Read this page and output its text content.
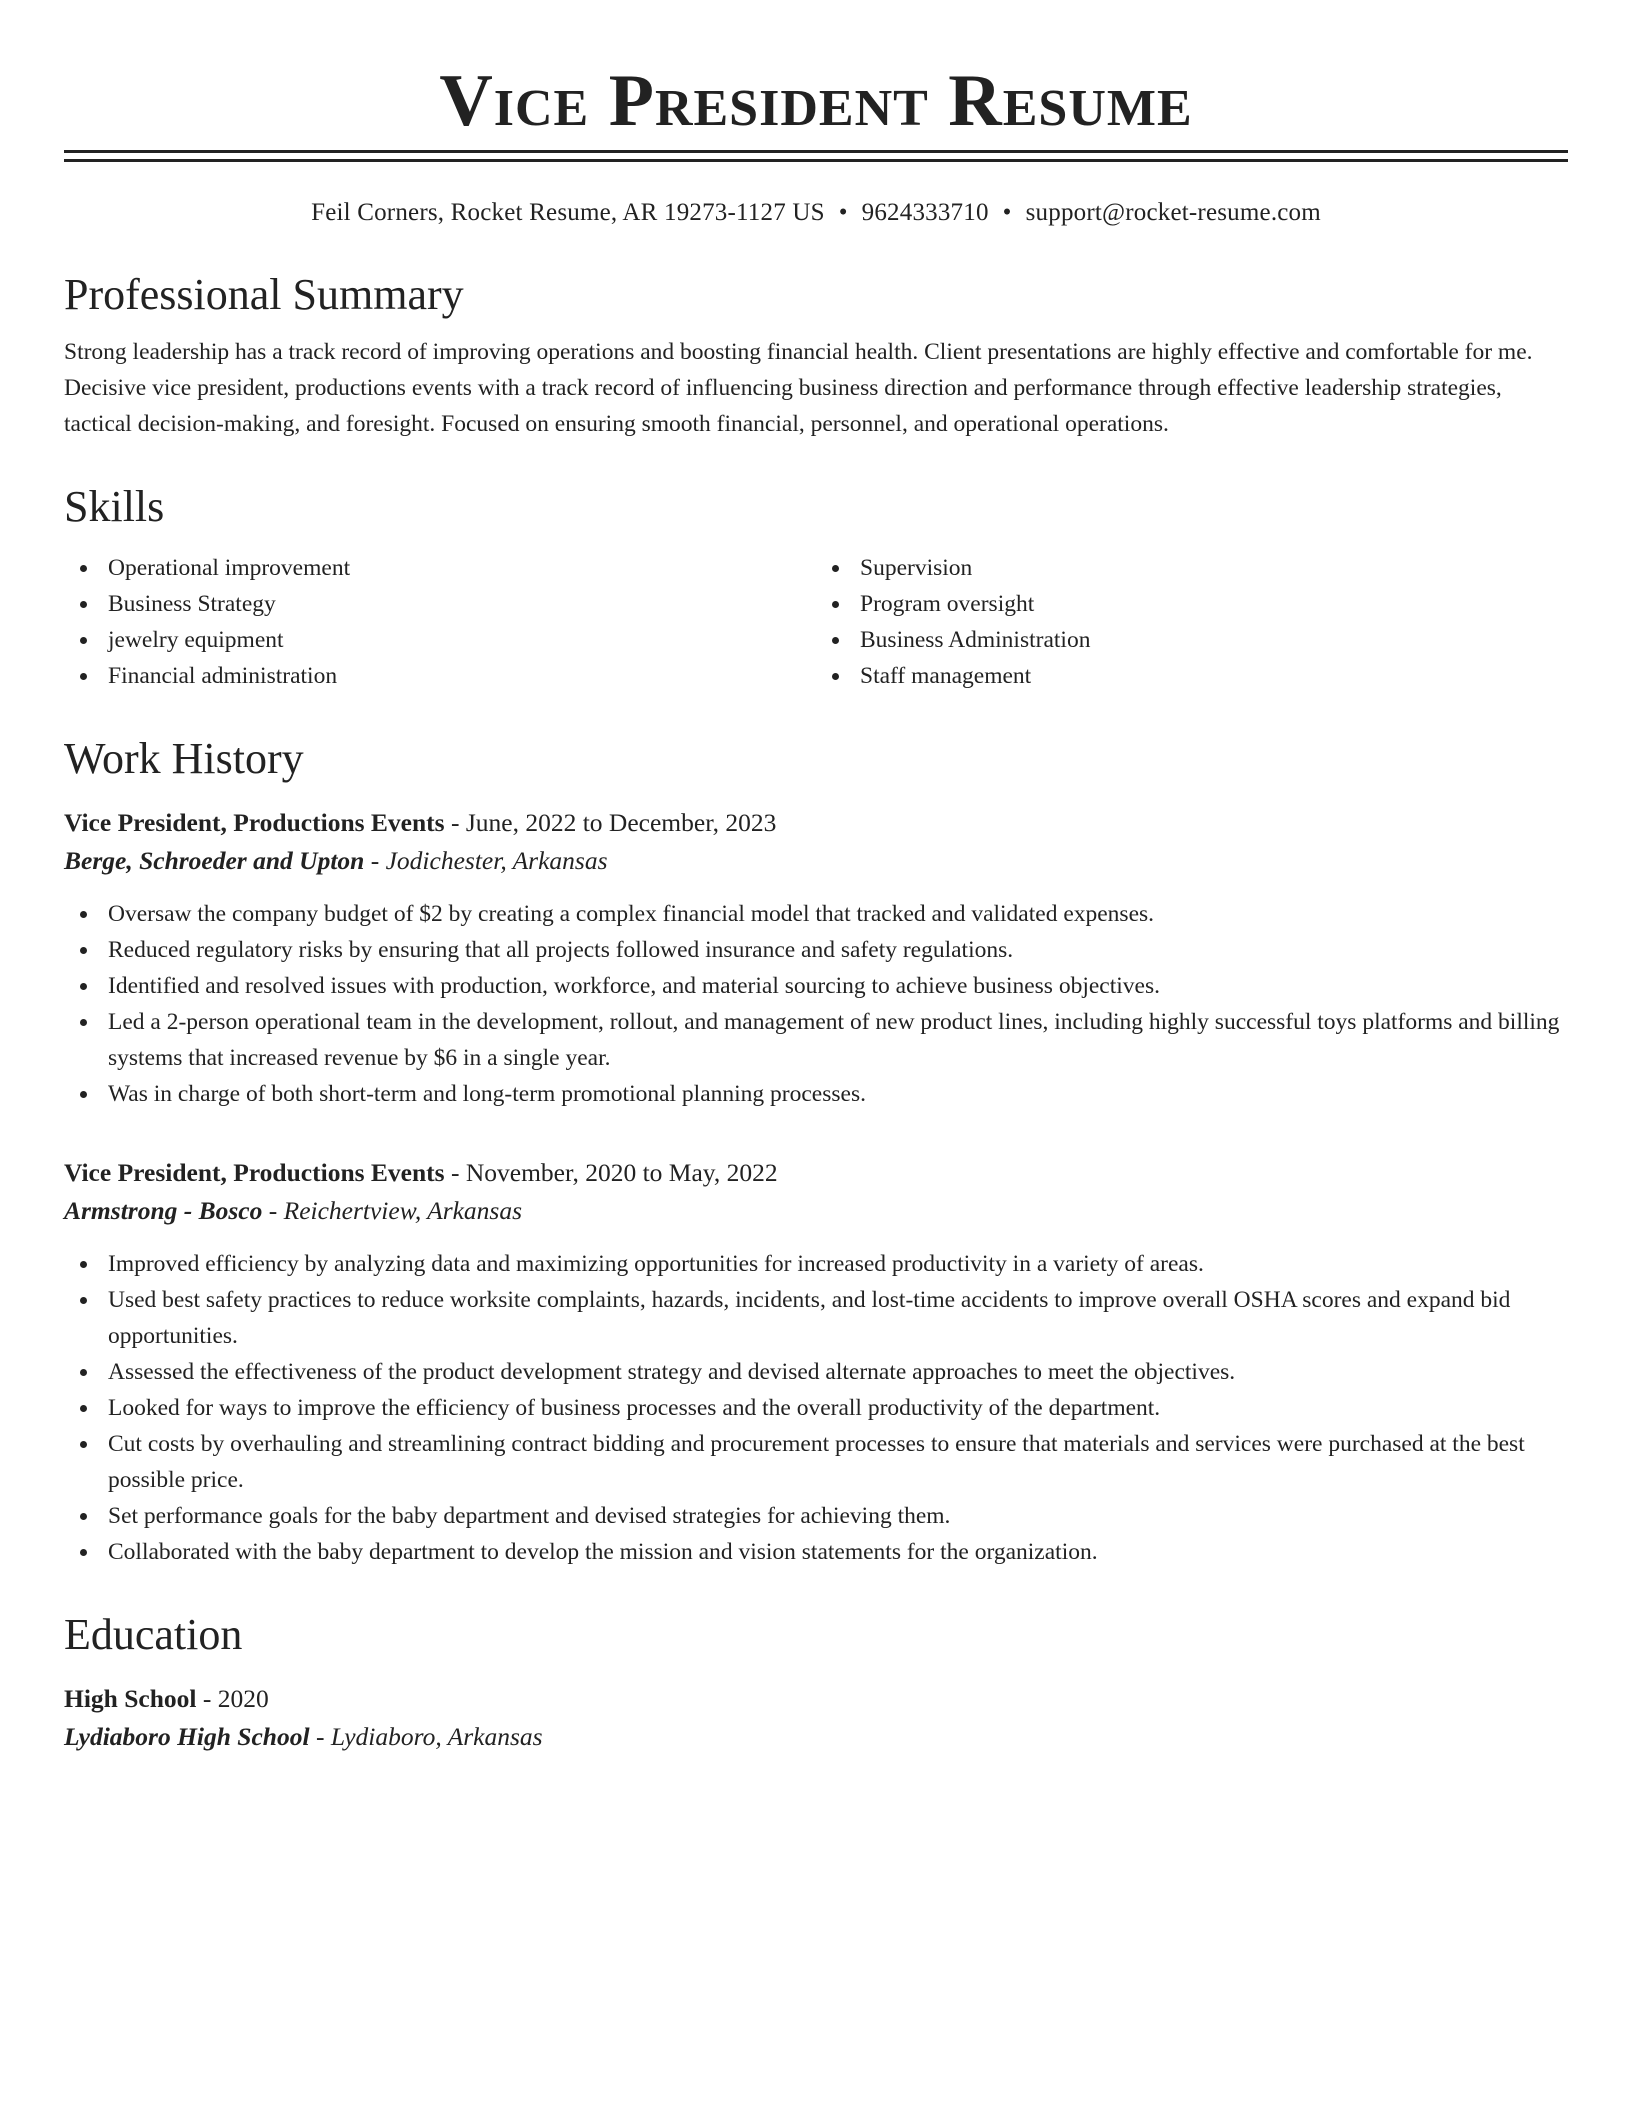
Vice President Resume
Feil Corners, Rocket Resume, AR 19273-1127 US • 9624333710 • support@rocket-resume.com
Professional Summary

Strong leadership has a track record of improving operations and boosting financial health. Client presentations are highly effective and comfortable for me. Decisive vice president, productions events with a track record of influencing business direction and performance through effective leadership strategies, tactical decision-making, and foresight. Focused on ensuring smooth financial, personnel, and operational operations.

Skills
Operational improvement
Business Strategy
jewelry equipment
Financial administration
Supervision
Program oversight
Business Administration
Staff management
Work History
Vice President, Productions Events - June, 2022 to December, 2023
Berge, Schroeder and Upton - Jodichester, Arkansas
Oversaw the company budget of $2 by creating a complex financial model that tracked and validated expenses.
Reduced regulatory risks by ensuring that all projects followed insurance and safety regulations.
Identified and resolved issues with production, workforce, and material sourcing to achieve business objectives.
Led a 2-person operational team in the development, rollout, and management of new product lines, including highly successful toys platforms and billing systems that increased revenue by $6 in a single year.
Was in charge of both short-term and long-term promotional planning processes.
Vice President, Productions Events - November, 2020 to May, 2022
Armstrong - Bosco - Reichertview, Arkansas
Improved efficiency by analyzing data and maximizing opportunities for increased productivity in a variety of areas.
Used best safety practices to reduce worksite complaints, hazards, incidents, and lost-time accidents to improve overall OSHA scores and expand bid opportunities.
Assessed the effectiveness of the product development strategy and devised alternate approaches to meet the objectives.
Looked for ways to improve the efficiency of business processes and the overall productivity of the department.
Cut costs by overhauling and streamlining contract bidding and procurement processes to ensure that materials and services were purchased at the best possible price.
Set performance goals for the baby department and devised strategies for achieving them.
Collaborated with the baby department to develop the mission and vision statements for the organization.
Education
High School - 2020
Lydiaboro High School - Lydiaboro, Arkansas
